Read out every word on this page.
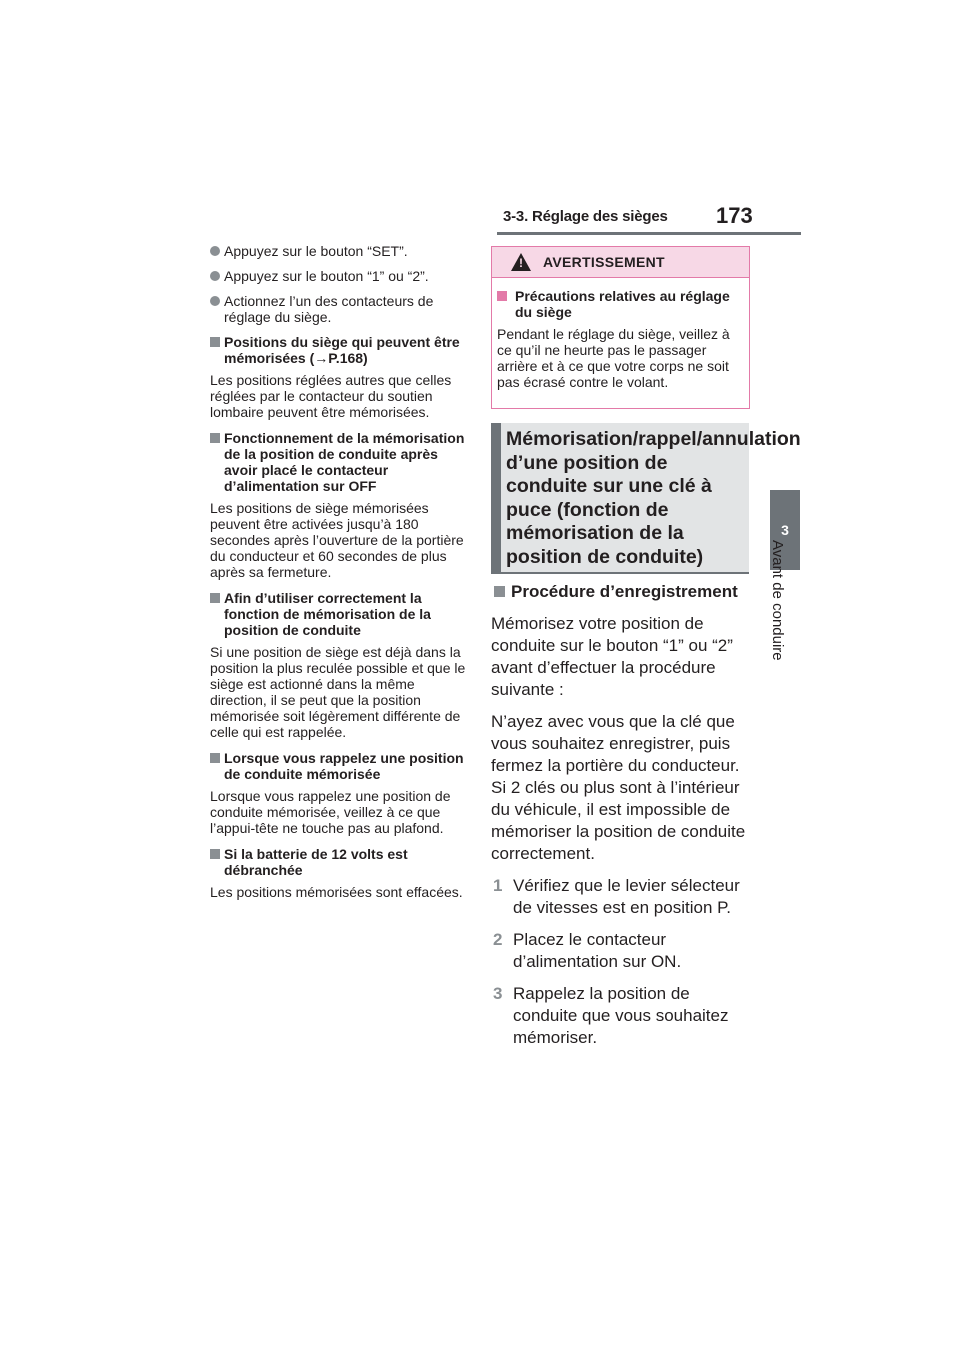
3-3. Réglage des sièges 173
3
Avant de conduire
Appuyez sur le bouton “SET”.
Appuyez sur le bouton “1” ou “2”.
Actionnez l’un des contacteurs de réglage du siège.
Positions du siège qui peuvent être mémorisées (→P.168)
Les positions réglées autres que celles réglées par le contacteur du soutien lombaire peuvent être mémorisées.
Fonctionnement de la mémorisation de la position de conduite après avoir placé le contacteur d’alimentation sur OFF
Les positions de siège mémorisées peuvent être activées jusqu’à 180 secondes après l’ouverture de la portière du conducteur et 60 secondes de plus après sa fermeture.
Afin d’utiliser correctement la fonction de mémorisation de la position de conduite
Si une position de siège est déjà dans la position la plus reculée possible et que le siège est actionné dans la même direction, il se peut que la position mémorisée soit légèrement différente de celle qui est rappelée.
Lorsque vous rappelez une position de conduite mémorisée
Lorsque vous rappelez une position de conduite mémorisée, veillez à ce que l’appui-tête ne touche pas au plafond.
Si la batterie de 12 volts est débranchée
Les positions mémorisées sont effacées.
! AVERTISSEMENT
Précautions relatives au réglage du siège
Pendant le réglage du siège, veillez à ce qu’il ne heurte pas le passager arrière et à ce que votre corps ne soit pas écrasé contre le volant.
Mémorisation/rappel/annulation d’une position de conduite sur une clé à puce (fonction de mémorisation de la position de conduite)
Procédure d’enregistrement
Mémorisez votre position de conduite sur le bouton “1” ou “2” avant d’effectuer la procédure suivante :
N’ayez avec vous que la clé que vous souhaitez enregistrer, puis fermez la portière du conducteur.
Si 2 clés ou plus sont à l’intérieur du véhicule, il est impossible de mémoriser la position de conduite correctement.
1 Vérifiez que le levier sélecteur de vitesses est en position P.
2 Placez le contacteur d’alimentation sur ON.
3 Rappelez la position de conduite que vous souhaitez mémoriser.
